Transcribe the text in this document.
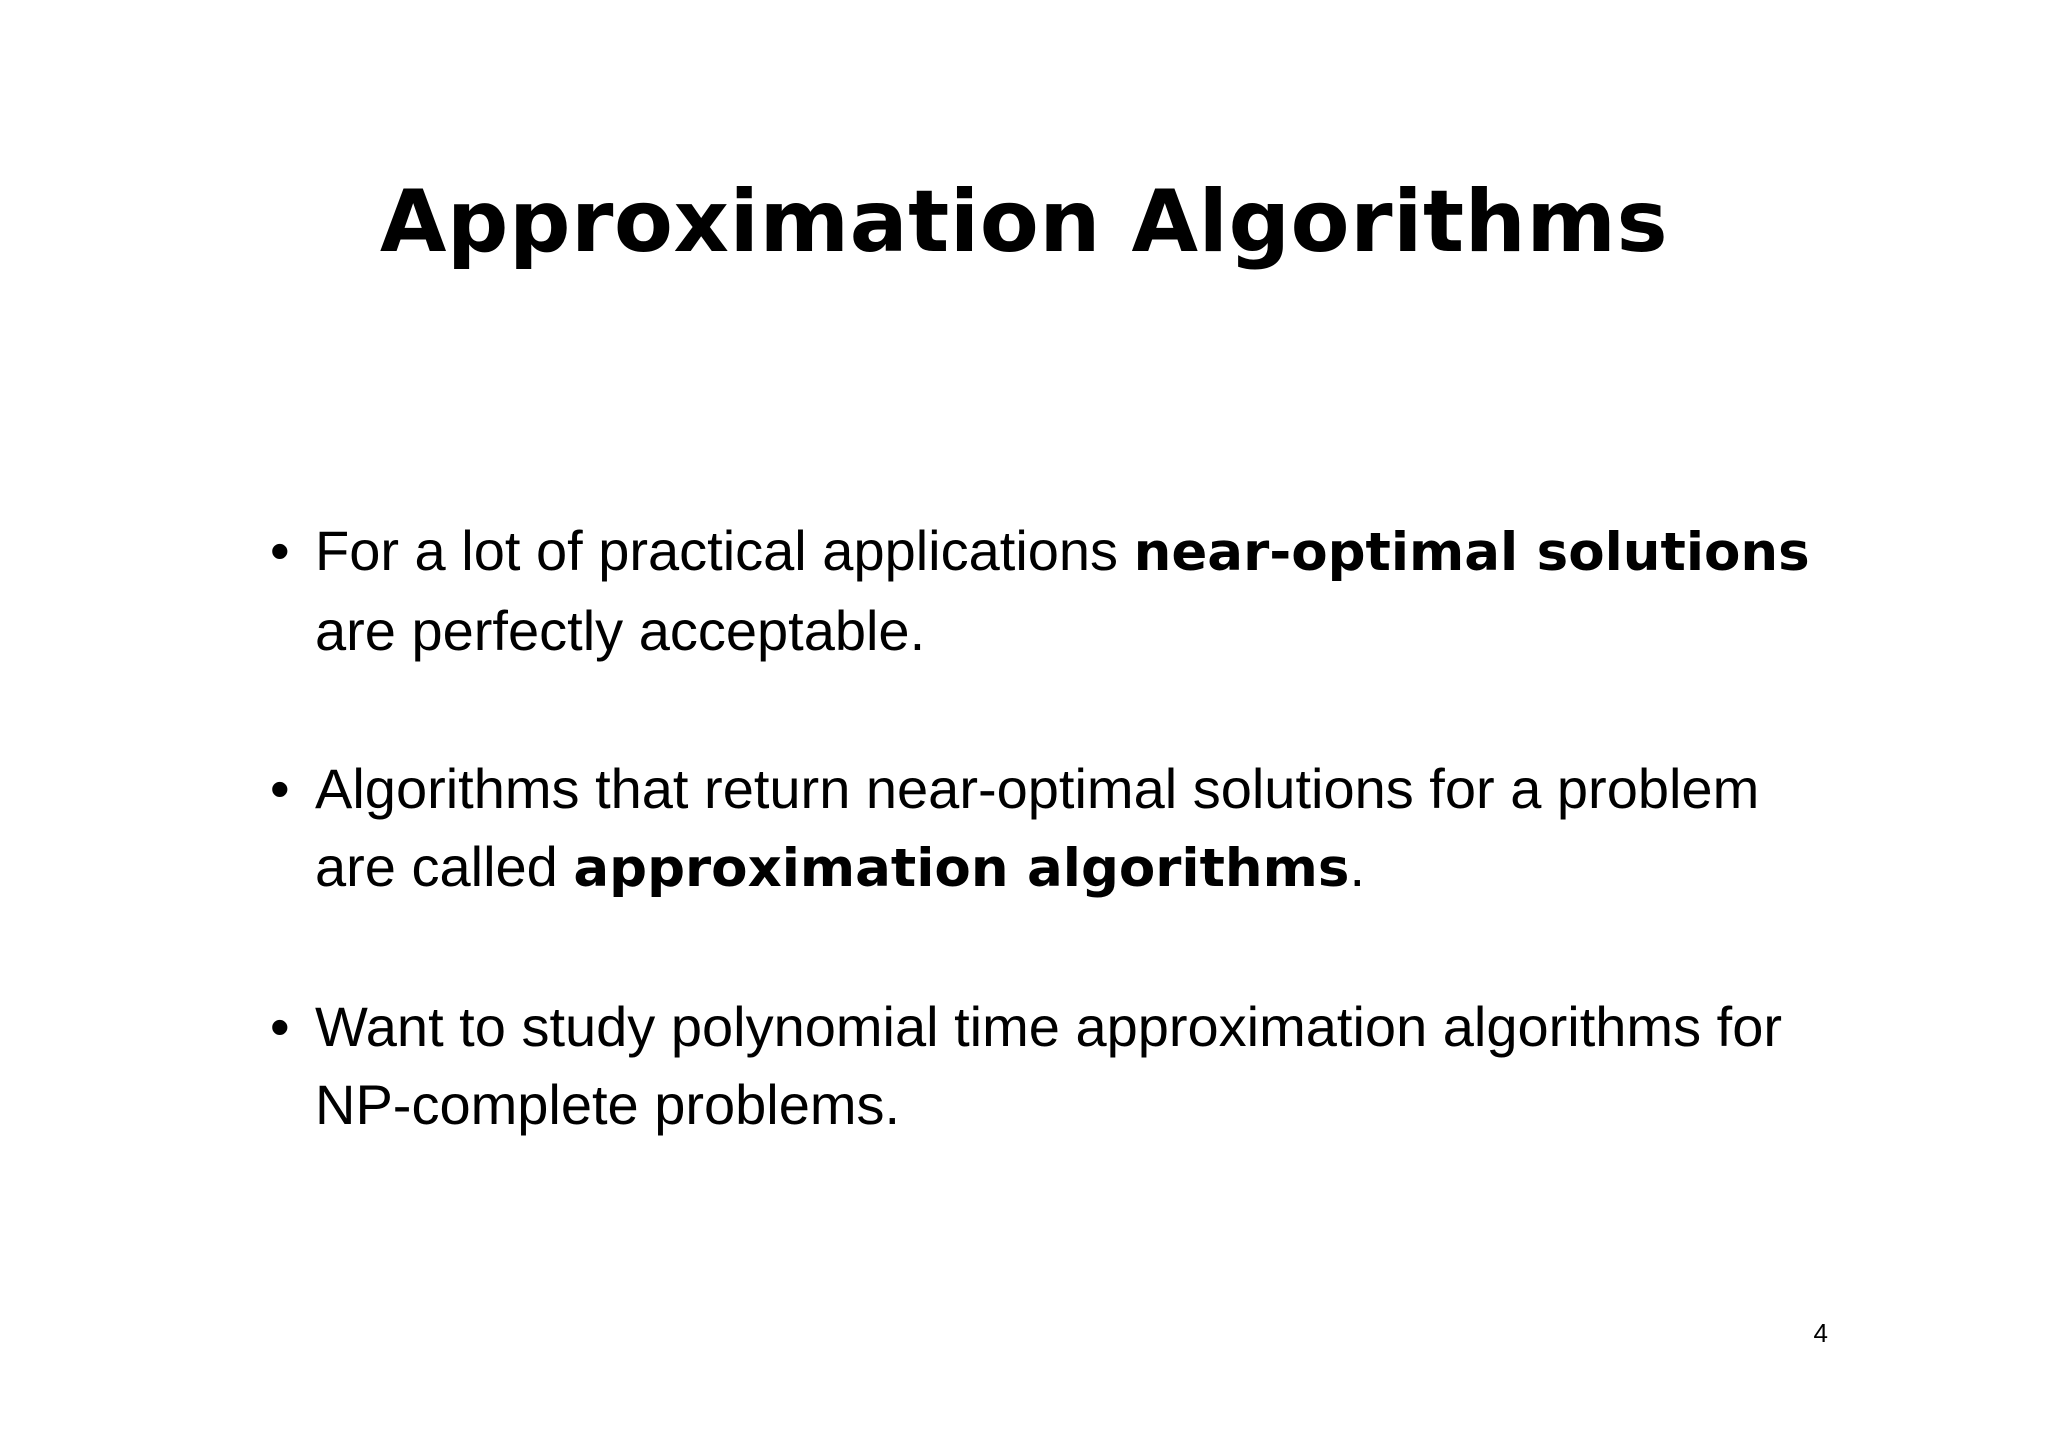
Approximation Algorithms
• For a lot of practical applications near-optimal solutions are perfectly acceptable.
• Algorithms that return near-optimal solutions for a problem are called approximation algorithms.
• Want to study polynomial time approximation algorithms for NP-complete problems.
4
